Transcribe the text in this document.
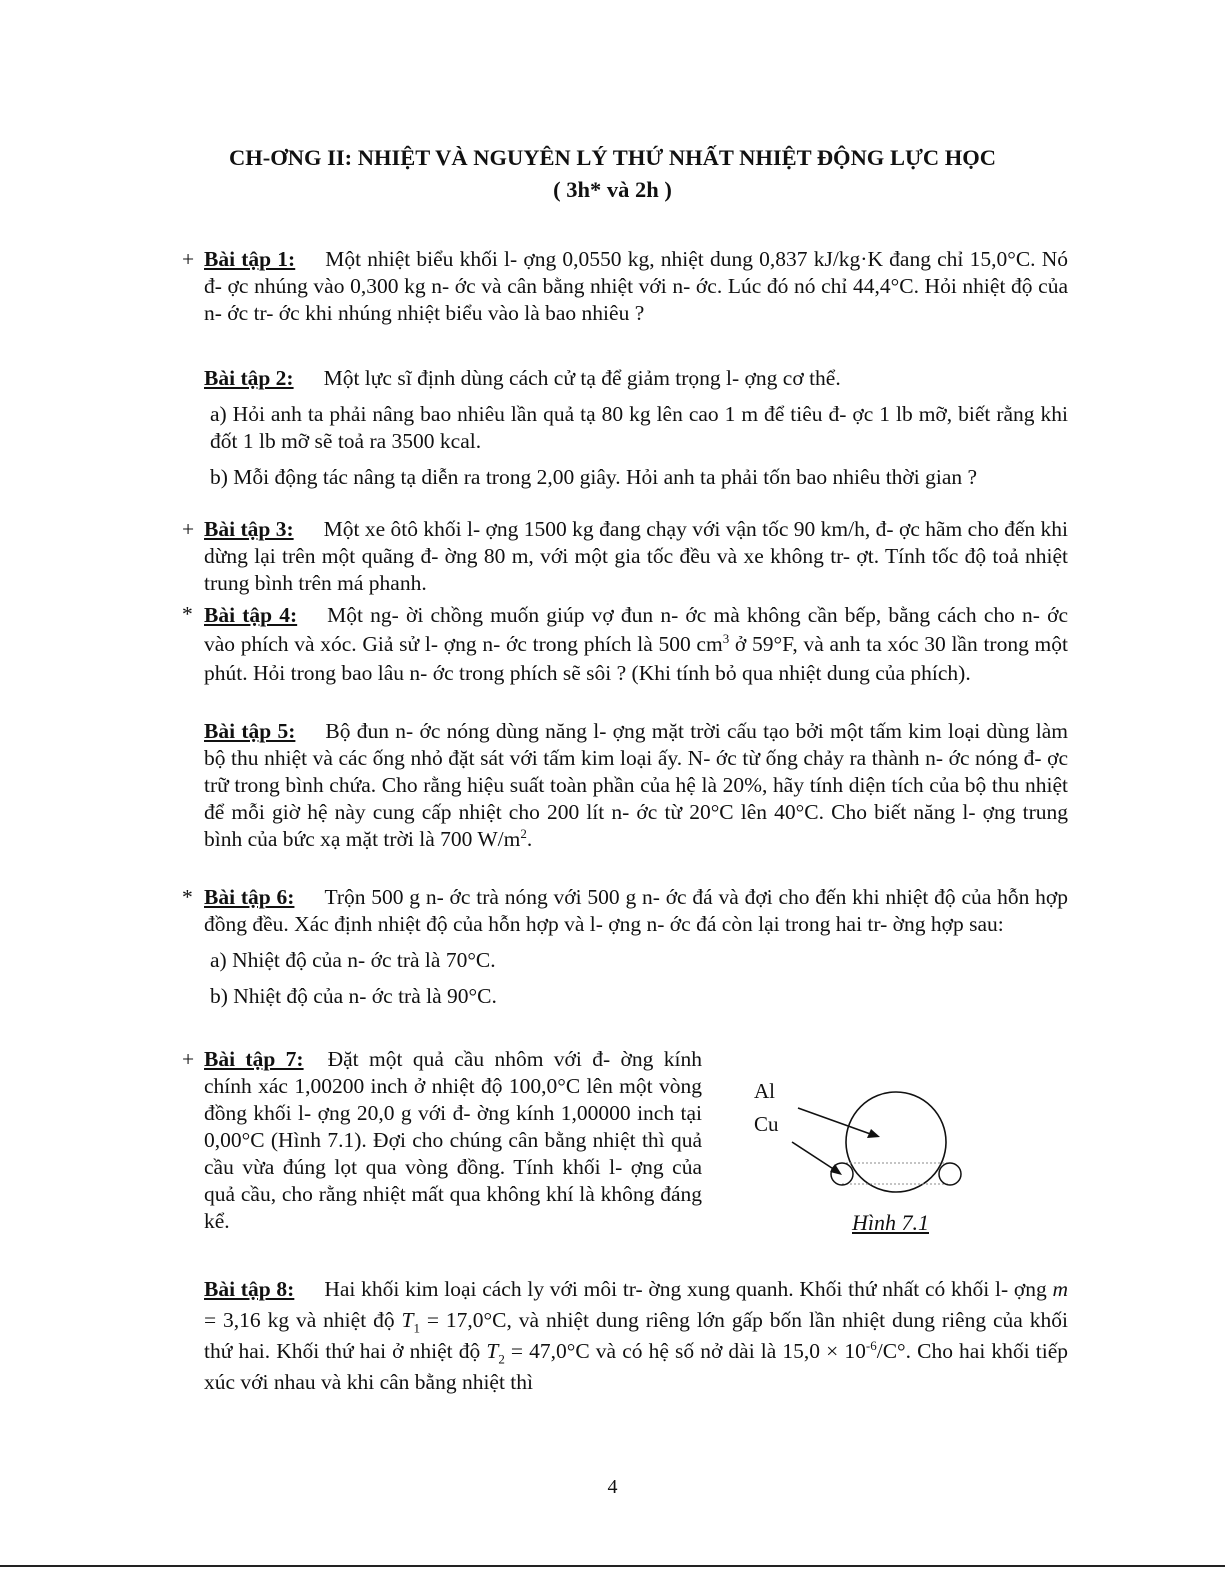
CH-ƠNG II: NHIỆT VÀ NGUYÊN LÝ THỨ NHẤT NHIỆT ĐỘNG LỰC HỌC
( 3h* và 2h )
+ Bài tập 1: Một nhiệt biểu khối l- ợng 0,0550 kg, nhiệt dung 0,837 kJ/kg·K đang chỉ 15,0°C. Nó đ- ợc nhúng vào 0,300 kg n- ớc và cân bằng nhiệt với n- ớc. Lúc đó nó chỉ 44,4°C. Hỏi nhiệt độ của n- ớc tr- ớc khi nhúng nhiệt biểu vào là bao nhiêu ?

Bài tập 2: Một lực sĩ định dùng cách cử tạ để giảm trọng l- ợng cơ thể.

a) Hỏi anh ta phải nâng bao nhiêu lần quả tạ 80 kg lên cao 1 m để tiêu đ- ợc 1 lb mỡ, biết rằng khi đốt 1 lb mỡ sẽ toả ra 3500 kcal.

b) Mỗi động tác nâng tạ diễn ra trong 2,00 giây. Hỏi anh ta phải tốn bao nhiêu thời gian ?

+ Bài tập 3: Một xe ôtô khối l- ợng 1500 kg đang chạy với vận tốc 90 km/h, đ- ợc hãm cho đến khi dừng lại trên một quãng đ- ờng 80 m, với một gia tốc đều và xe không tr- ợt. Tính tốc độ toả nhiệt trung bình trên má phanh.

* Bài tập 4: Một ng- ời chồng muốn giúp vợ đun n- ớc mà không cần bếp, bằng cách cho n- ớc vào phích và xóc. Giả sử l- ợng n- ớc trong phích là 500 $cm^3$ ở 59°F, và anh ta xóc 30 lần trong một phút. Hỏi trong bao lâu n- ớc trong phích sẽ sôi ? (Khi tính bỏ qua nhiệt dung của phích).

Bài tập 5: Bộ đun n- ớc nóng dùng năng l- ợng mặt trời cấu tạo bởi một tấm kim loại dùng làm bộ thu nhiệt và các ống nhỏ đặt sát với tấm kim loại ấy. N- ớc từ ống chảy ra thành n- ớc nóng đ- ợc trữ trong bình chứa. Cho rằng hiệu suất toàn phần của hệ là 20%, hãy tính diện tích của bộ thu nhiệt để mỗi giờ hệ này cung cấp nhiệt cho 200 lít n- ớc từ 20°C lên 40°C. Cho biết năng l- ợng trung bình của bức xạ mặt trời là 700 $W/m^2$.

* Bài tập 6: Trộn 500 g n- ớc trà nóng với 500 g n- ớc đá và đợi cho đến khi nhiệt độ của hỗn hợp đồng đều. Xác định nhiệt độ của hỗn hợp và l- ợng n- ớc đá còn lại trong hai tr- ờng hợp sau:

a) Nhiệt độ của n- ớc trà là 70°C.

b) Nhiệt độ của n- ớc trà là 90°C.

+ Bài tập 7: Đặt một quả cầu nhôm với đ- ờng kính chính xác 1,00200 inch ở nhiệt độ 100,0°C lên một vòng đồng khối l- ợng 20,0 g với đ- ờng kính 1,00000 inch tại 0,00°C (Hình 7.1). Đợi cho chúng cân bằng nhiệt thì quả cầu vừa đúng lọt qua vòng đồng. Tính khối l- ợng của quả cầu, cho rằng nhiệt mất qua không khí là không đáng kể.

Al
Cu
Hình 7.1

Bài tập 8: Hai khối kim loại cách ly với môi tr- ờng xung quanh. Khối thứ nhất có khối l- ợng m = 3,16 kg và nhiệt độ $T_1 = 17,0^\circ C$, và nhiệt dung riêng lớn gấp bốn lần nhiệt dung riêng của khối thứ hai. Khối thứ hai ở nhiệt độ $T_2 = 47,0^\circ C$ và có hệ số nở dài là $15,0 \times 10^{-6}/C^\circ$. Cho hai khối tiếp xúc với nhau và khi cân bằng nhiệt thì

4
